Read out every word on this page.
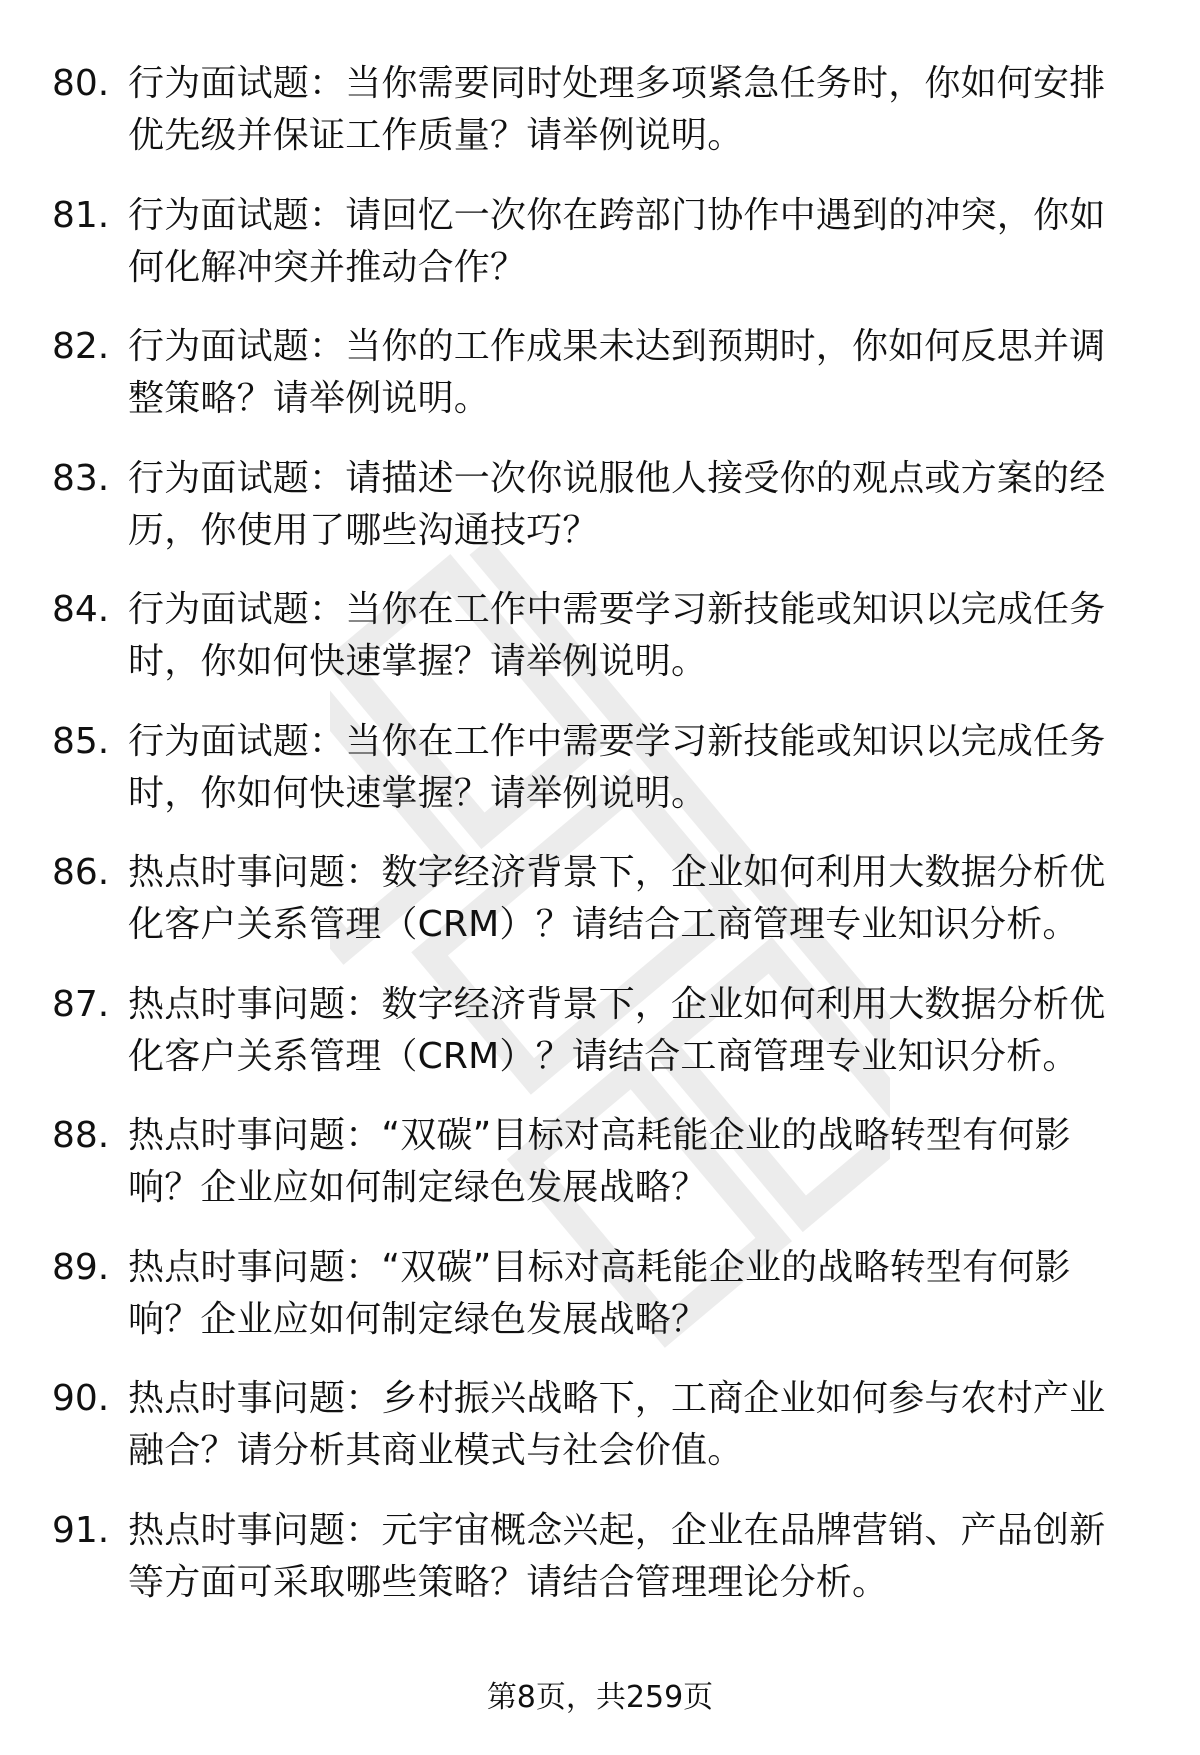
80. 行为面试题：当你需要同时处理多项紧急任务时，你如何安排优先级并保证工作质量？请举例说明。
81. 行为面试题：请回忆一次你在跨部门协作中遇到的冲突，你如何化解冲突并推动合作？
82. 行为面试题：当你的工作成果未达到预期时，你如何反思并调整策略？请举例说明。
83. 行为面试题：请描述一次你说服他人接受你的观点或方案的经历，你使用了哪些沟通技巧？
84. 行为面试题：当你在工作中需要学习新技能或知识以完成任务时，你如何快速掌握？请举例说明。
85. 行为面试题：当你在工作中需要学习新技能或知识以完成任务时，你如何快速掌握？请举例说明。
86. 热点时事问题：数字经济背景下，企业如何利用大数据分析优化客户关系管理（CRM）？请结合工商管理专业知识分析。
87. 热点时事问题：数字经济背景下，企业如何利用大数据分析优化客户关系管理（CRM）？请结合工商管理专业知识分析。
88. 热点时事问题：“双碳”目标对高耗能企业的战略转型有何影响？企业应如何制定绿色发展战略？
89. 热点时事问题：“双碳”目标对高耗能企业的战略转型有何影响？企业应如何制定绿色发展战略？
90. 热点时事问题：乡村振兴战略下，工商企业如何参与农村产业融合？请分析其商业模式与社会价值。
91. 热点时事问题：元宇宙概念兴起，企业在品牌营销、产品创新等方面可采取哪些策略？请结合管理理论分析。
第8页，共259页
